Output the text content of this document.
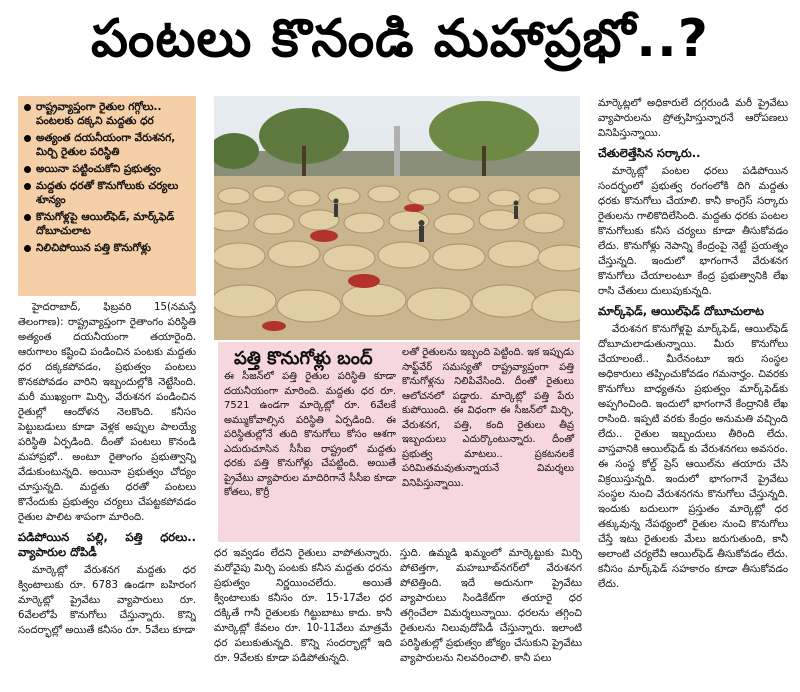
పంటలు కొనండి మహాప్రభో..?
రాష్ట్రవ్యాప్తంగా రైతుల గగ్గోలు.. పంటలకు దక్కని మద్దతు ధర
అత్యంత దయనీయంగా వేరుశనగ, మిర్చి రైతుల పరిస్థితి
అయినా పట్టించుకోని ప్రభుత్వం
మద్దతు ధరతో కొనుగోలుకు చర్యలు శూన్యం
కొనుగోళ్లపై ఆయిల్‌ఫెడ్, మార్క్‌ఫెడ్ దోబూచులాట
నిలిచిపోయిన పత్తి కొనుగోళ్లు

హైదరాబాద్, ఫిబ్రవరి 15(నమస్తే తెలంగాణ): రాష్ట్రవ్యాప్తంగా రైతాంగం పరిస్థితి అత్యంత దయనీయంగా తయారైంది. ఆరుగాలం కష్టించి పండించిన పంటకు మద్దతు ధర దక్కకపోవడం, ప్రభుత్వం పంటలు కొనకపోవడం వారిని ఇబ్బందుల్లోకి నెట్టేసింది. మరీ ముఖ్యంగా మిర్చి, వేరుశనగ పండించిన రైతుల్లో ఆందోళన నెలకొంది. కనీసం పెట్టుబడులు కూడా వెళ్లక అప్పుల పాలయ్యే పరిస్థితి ఏర్పడింది. దీంతో పంటలు కొనండి మహాప్రభో.. అంటూ రైతాంగం ప్రభుత్వాన్ని వేడుకుంటున్నది. అయినా ప్రభుత్వం చోద్యం చూస్తున్నది. మద్దతు ధరతో పంటలు కొనేందుకు ప్రభుత్వం చర్యలు చేపట్టకపోవడం రైతుల పాలిట శాపంగా మారింది.

పడిపోయిన పల్లి, పత్తి ధరలు.. వ్యాపారుల దోపిడీ

మార్కెట్లో వేరుశనగ మద్దతు ధర క్వింటాలుకు రూ. 6783 ఉండగా బహిరంగ మార్కెట్లో ప్రైవేటు వ్యాపారులు రూ. 6వేలలోపే కొనుగోలు చేస్తున్నారు. కొన్ని సందర్భాల్లో అయితే కనీసం రూ. 5వేలు కూడా

పత్తి కొనుగోళ్లు బంద్
ఈ సీజన్‌లో పత్తి రైతుల పరిస్థితి కూడా దయనీయంగా మారింది. మద్దతు ధర రూ. 7521 ఉండగా మార్కెట్లో రూ. 6వేలకే అమ్ముకోవాల్సిన పరిస్థితి ఏర్పడింది. ఈ పరిస్థితుల్లోనే తుది కొనుగోలు కోసం ఆశగా ఎదురుచూసిన సీసీఐ రాష్ట్రంలో మద్దతు ధరకు పత్తి కొనుగోళ్లు చేపట్టింది. అయితే ప్రైవేటు వ్యాపారుల మాదిరిగానే సీసీఐ కూడా కోతలు, కొర్రీ
లతో రైతులను ఇబ్బంది పెట్టింది. ఇక ఇప్పుడు సాఫ్ట్‌వేర్ సమస్యతో రాష్ట్రవ్యాప్తంగా పత్తి కొనుగోళ్లను నిలిపివేసింది. దీంతో రైతులు ఆలోచనలో పడ్డారు. మార్కెట్లో పత్తి పేరు కుపోయింది. ఈ విధంగా ఈ సీజన్‌లో మిర్చి, వేరుశనగ, పత్తి, కంది రైతులు తీవ్ర ఇబ్బందులు ఎదుర్కొంటున్నారు. దీంతో ప్రభుత్వ మాటలు.. ప్రకటనలకే పరిమితమవుతున్నాయనే విమర్శలు వినిపిస్తున్నాయి.

ధర ఇవ్వడం లేదని రైతులు వాపోతున్నారు. మరోవైపు మిర్చి పంటకు కనీస మద్దతు ధరను ప్రభుత్వం నిర్ణయించలేదు. అయితే క్వింటాలుకు కనీసం రూ. 15-17వేల ధర దక్కితే గానీ రైతులకు గిట్టుబాటు కాదు. కానీ మార్కెట్లో కేవలం రూ. 10-11వేలు మాత్రమే ధర పలుకుతున్నది. కొన్ని సందర్భాల్లో ఇది రూ. 9వేలకు కూడా పడిపోతున్నది.

స్తుది. ఉమ్మడి ఖమ్మంలో మార్కెట్టుకు మిర్చి పోటెత్తగా, మహబూబ్‌నగర్‌లో వేరుశనగ పోటెత్తింది. ఇదే అదునుగా ప్రైవేటు వ్యాపారులు సిండికేట్‌గా తయారై ధర తగ్గించేలా విమర్శలున్నాయి. ధరలను తగ్గించి రైతులను నిలువుదోపిడీ చేస్తున్నారు. ఇలాంటి పరిస్థితుల్లో ప్రభుత్వం జోక్యం చేసుకుని ప్రైవేటు వ్యాపారులను నిలవరించాలి. కానీ పలు

మార్కెట్లలో అధికారులే దగ్గరుండి మరీ ప్రైవేటు వ్యాపారులను ప్రోత్సహిస్తున్నారనే ఆరోపణలు వినిపిస్తున్నాయి.

చేతులెత్తేసిన సర్కారు..

మార్కెట్లో పంటల ధరలు పడిపోయిన సందర్భంలో ప్రభుత్వ రంగంలోకి దిగి మద్దతు ధరకు కొనుగోలు చేయాలి. కానీ కాంగ్రెస్ సర్కారు రైతులను గాలికొదిలేసింది. మద్దతు ధరకు పంటల కొనుగోలుకు కనీస చర్యలు కూడా తీసుకోవడం లేదు. కొనుగోళ్లు నెపాన్ని కేంద్రంపై నెట్టే ప్రయత్నం చేస్తున్నది. ఇందులో భాగంగానే వేరుశనగ కొనుగోలు చేయాలంటూ కేంద్ర ప్రభుత్వానికి లేఖ రాసి చేతులు దులుపుకున్నది.

మార్క్‌ఫెడ్, ఆయిల్‌ఫెడ్ దోబూచులాట

వేరుశనగ కొనుగోళ్లపై మార్క్‌ఫెడ్, ఆయిల్‌ఫెడ్ దోబూచులాడుతున్నాయి. మీరు కొనుగోలు చేయాలంటే.. మీరేనంటూ ఇరు సంస్థల అధికారులు తప్పించుకోవడం గమనార్హం. చివరకు కొనుగోలు బాధ్యతను ప్రభుత్వం మార్క్‌ఫెడ్‌కు అప్పగించింది. ఇందులో భాగంగానే కేంద్రానికి లేఖ రాసింది. ఇప్పటి వరకు కేంద్రం అనుమతి వచ్చింది లేదు.. రైతుల ఇబ్బందులు తీరింది లేదు. వాస్తవానికి ఆయిల్‌ఫెడ్ కు వేరుశనగలు అవసరం. ఈ సంస్థ కోల్డ్ ప్రెస్ ఆయిల్‌ను తయారు చేసి విక్రయిస్తున్నది. ఇందులో భాగంగానే ప్రైవేటు సంస్థల నుంచి వేరుశనగను కొనుగోలు చేస్తున్నది. ఇందుకు బదులుగా ప్రస్తుతం మార్కెట్లో ధర తక్కువున్న నేపథ్యంలో రైతుల నుంచి కొనుగోలు చేస్తే ఇటు రైతులకు మేలు జరుగుతుంది, కానీ అలాంటి చర్యలేవీ ఆయిల్‌ఫెడ్ తీసుకోవడం లేదు. కనీసం మార్క్‌ఫెడ్ సహకారం కూడా తీసుకోవడం లేదు.
